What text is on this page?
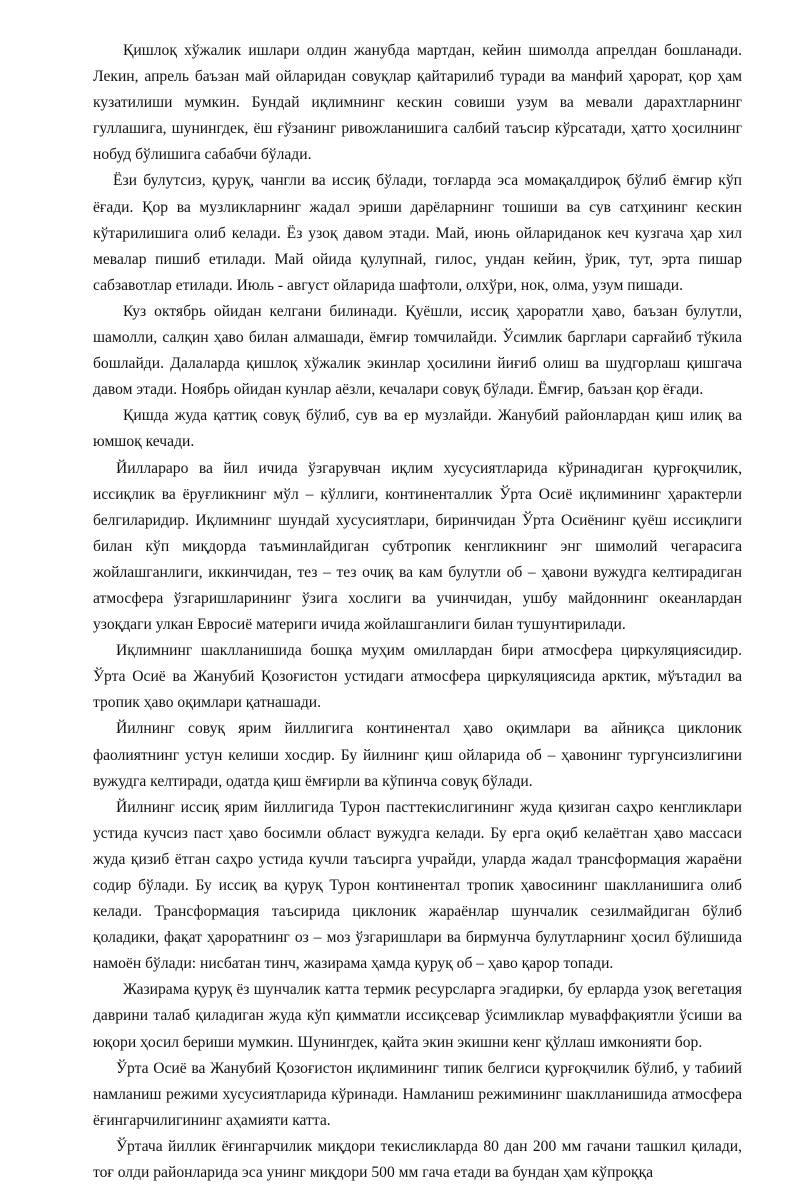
Қишлоқ хўжалик ишлари олдин жанубда мартдан, кейин шимолда апрелдан бошланади. Лекин, апрель баъзан май ойларидан совуқлар қайтарилиб туради ва манфий ҳарорат, қор ҳам кузатилиши мумкин. Бундай иқлимнинг кескин совиши узум ва мевали дарахтларнинг гуллашига, шунингдек, ёш ғўзанинг ривожланишига салбий таъсир кўрсатади, ҳатто ҳосилнинг нобуд бўлишига сабабчи бўлади.

Ёзи булутсиз, қуруқ, чангли ва иссиқ бўлади, тоғларда эса момақалдироқ бўлиб ёмғир кўп ёғади. Қор ва музликларнинг жадал эриши дарёларнинг тошиши ва сув сатҳининг кескин кўтарилишига олиб келади. Ёз узоқ давом этади. Май, июнь ойлариданок кеч кузгача ҳар хил мевалар пишиб етилади. Май ойида қулупнай, гилос, ундан кейин, ўрик, тут, эрта пишар сабзавотлар етилади. Июль - август ойларида шафтоли, олхўри, нок, олма, узум пишади.

Куз октябрь ойидан келгани билинади. Қуёшли, иссиқ ҳароратли ҳаво, баъзан булутли, шамолли, салқин ҳаво билан алмашади, ёмғир томчилайди. Ўсимлик барглари сарғайиб тўкила бошлайди. Далаларда қишлоқ хўжалик экинлар ҳосилини йиғиб олиш ва шудгорлаш қишгача давом этади. Ноябрь ойидан кунлар аёзли, кечалари совуқ бўлади. Ёмғир, баъзан қор ёғади.

Қишда жуда қаттиқ совуқ бўлиб, сув ва ер музлайди. Жанубий районлардан қиш илиқ ва юмшоқ кечади.

Йилларaро ва йил ичида ўзгарувчан иқлим хусусиятларида кўринадиган қурғоқчилик, иссиқлик ва ёруғликнинг мўл – кўллиги, континенталлик Ўрта Осиё иқлимининг ҳарактерли белгиларидир. Иқлимнинг шундай хусусиятлари, биринчидан Ўрта Осиёнинг қуёш иссиқлиги билан кўп миқдорда таъминлайдиган субтропик кенгликнинг энг шимолий чегарасига жойлашганлиги, иккинчидан, тез – тез очиқ ва кам булутли об – ҳавони вужудга келтирадиган атмосфера ўзгаришларининг ўзига хослиги ва учинчидан, ушбу майдоннинг океанлардан узоқдаги улкан Евросиё материги ичида жойлашганлиги билан тушунтирилади.

Иқлимнинг шаклланишида бошқа муҳим омиллардан бири атмосфера циркуляциясидир. Ўрта Осиё ва Жанубий Қозоғистон устидаги атмосфера циркуляциясида арктик, мўътадил ва тропик ҳаво оқимлари қатнашади.

Йилнинг совуқ ярим йиллигига континентал ҳаво оқимлари ва айниқса циклоник фаолиятнинг устун келиши хосдир. Бу йилнинг қиш ойларида об – ҳавонинг тургунсизлигини вужудга келтиради, одатда қиш ёмғирли ва кўпинча совуқ бўлади.

Йилнинг иссиқ ярим йиллигида Турон пасттекислигининг жуда қизиган саҳро кенгликлари устида кучсиз паст ҳаво босимли област вужудга келади. Бу ерга оқиб келаётган ҳаво массаси жуда қизиб ётган саҳро устида кучли таъсирга учрайди, уларда жадал трансформация жараёни содир бўлади. Бу иссиқ ва қуруқ Турон континентал тропик ҳавосининг шаклланишига олиб келади. Трансформация таъсирида циклоник жараёнлар шунчалик сезилмайдиган бўлиб қоладики, фақат ҳароратнинг оз – моз ўзгаришлари ва бирмунча булутларнинг ҳосил бўлишида намоён бўлади: нисбатан тинч, жазирама ҳамда қуруқ об – ҳаво қарор топади.

Жазирама қуруқ ёз шунчалик катта термик ресурсларга эгадирки, бу ерларда узоқ вегетация даврини талаб қиладиган жуда кўп қимматли иссиқсевар ўсимликлар муваффақиятли ўсиши ва юқори ҳосил бериши мумкин. Шунингдек, қайта экин экишни кенг қўллаш имконияти бор.

Ўрта Осиё ва Жанубий Қозоғистон иқлимининг типик белгиси қурғоқчилик бўлиб, у табиий намланиш режими хусусиятларида кўринади. Намланиш режимининг шаклланишида атмосфера ёғингарчилигининг аҳамияти катта.

Ўртача йиллик ёғингарчилик миқдори текисликларда 80 дан 200 мм гачани ташкил қилади, тоғ олди районларида эса унинг миқдори 500 мм гача етади ва бундан ҳам кўпроққа
